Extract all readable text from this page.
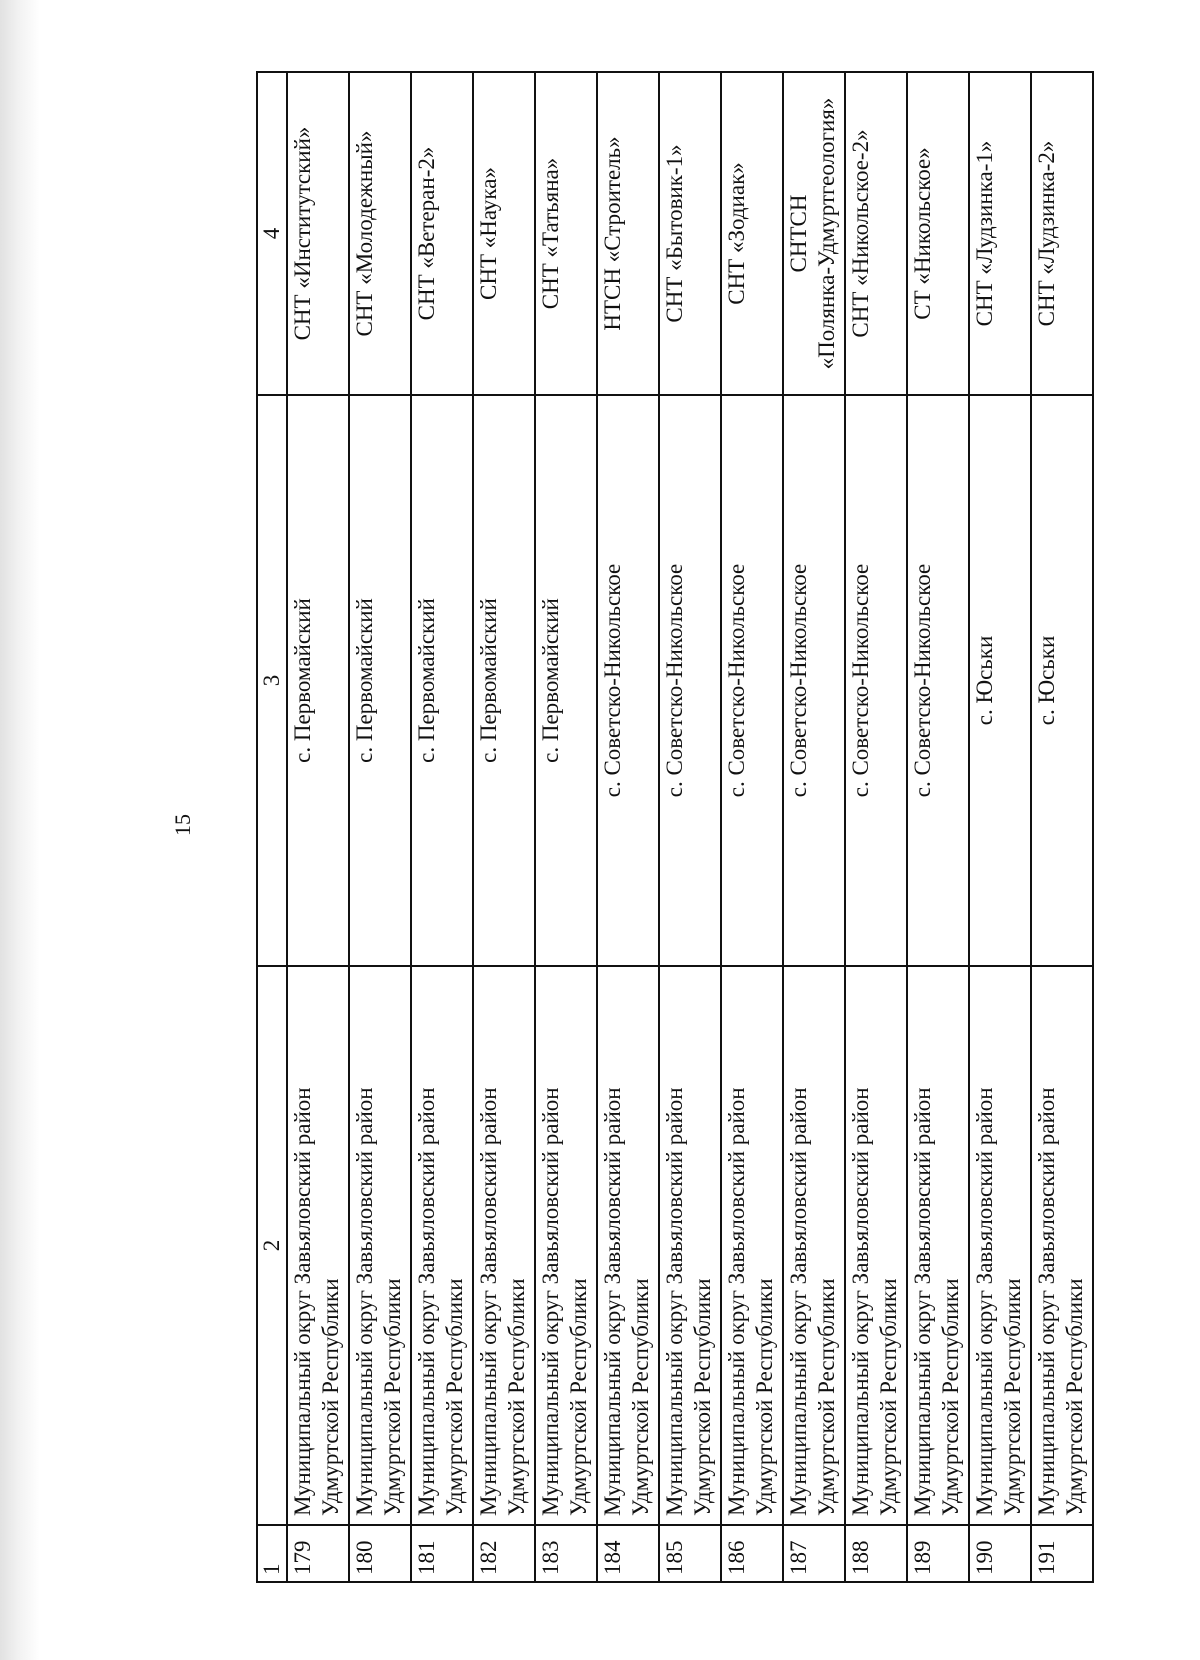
15
1	2	3	4
179	Муниципальный округ Завьяловский район Удмуртской Республики	с. Первомайский	СНТ «Институтский»

180	Муниципальный округ Завьяловский район Удмуртской Республики	с. Первомайский	СНТ «Молодежный»

181	Муниципальный округ Завьяловский район Удмуртской Республики	с. Первомайский	СНТ «Ветеран-2»

182	Муниципальный округ Завьяловский район Удмуртской Республики	с. Первомайский	СНТ «Наука»

183	Муниципальный округ Завьяловский район Удмуртской Республики	с. Первомайский	СНТ «Татьяна»

184	Муниципальный округ Завьяловский район Удмуртской Республики	с. Советско-Никольское	НТСН «Строитель»

185	Муниципальный округ Завьяловский район Удмуртской Республики	с. Советско-Никольское	СНТ «Бытовик-1»

186	Муниципальный округ Завьяловский район Удмуртской Республики	с. Советско-Никольское	СНТ «Зодиак»

187	Муниципальный округ Завьяловский район Удмуртской Республики	с. Советско-Никольское	СНТСН «Полянка-Удмуртгеология»

188	Муниципальный округ Завьяловский район Удмуртской Республики	с. Советско-Никольское	СНТ «Никольское-2»

189	Муниципальный округ Завьяловский район Удмуртской Республики	с. Советско-Никольское	СТ «Никольское»

190	Муниципальный округ Завьяловский район Удмуртской Республики	с. Юськи	СНТ «Лудзинка-1»

191	Муниципальный округ Завьяловский район Удмуртской Республики	с. Юськи	СНТ «Лудзинка-2»
